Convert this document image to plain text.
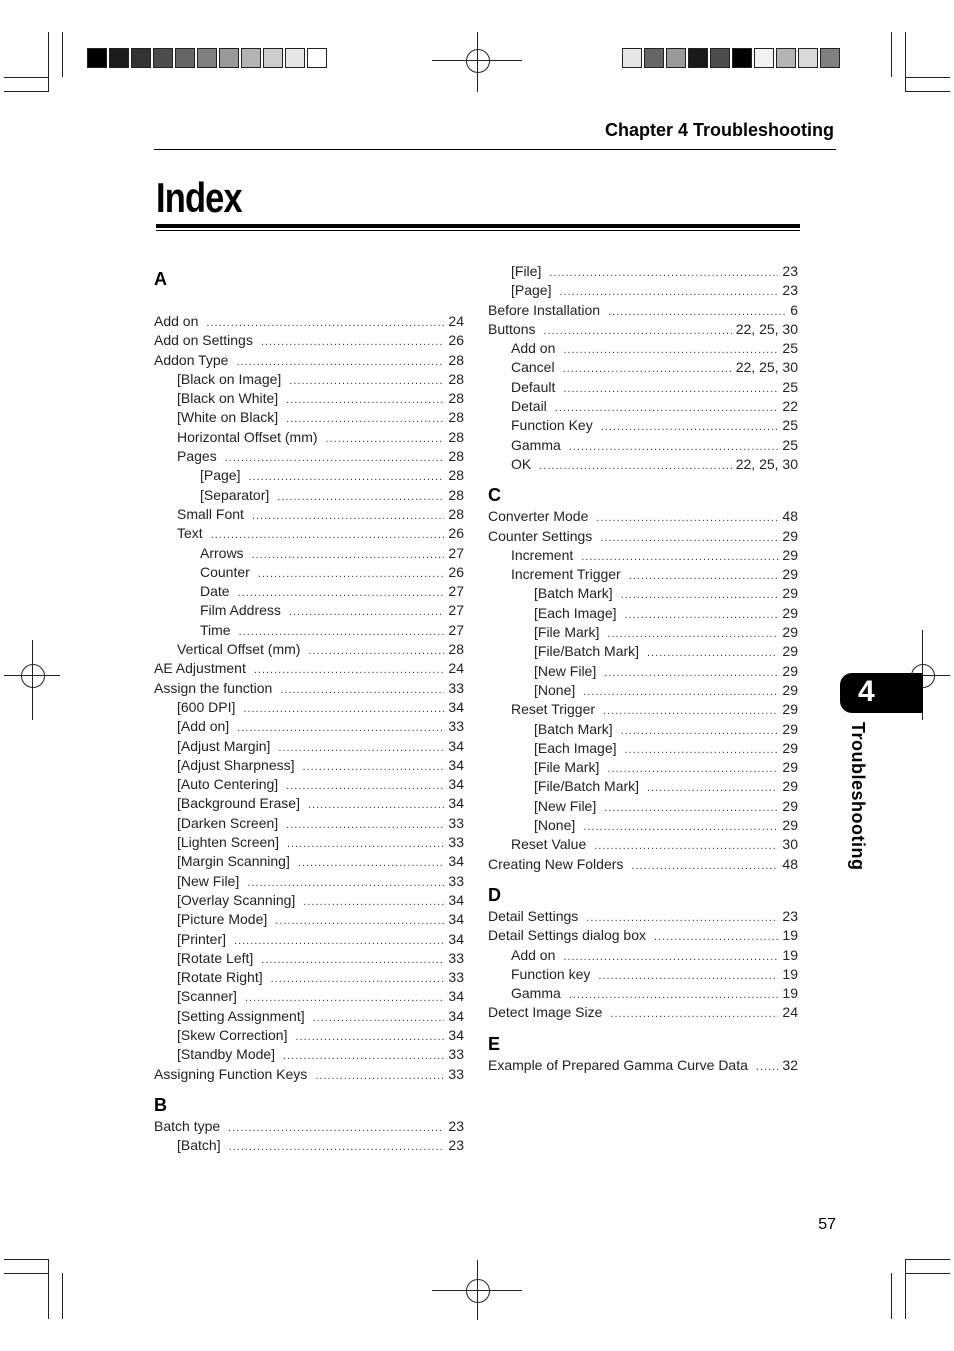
Chapter 4 Troubleshooting
Index
A
Add on .....	24
Add on Settings .....	26
Addon Type .....	28
[Black on Image] .....	28
[Black on White] .....	28
[White on Black] .....	28
Horizontal Offset (mm) .....	28
Pages .....	28
[Page] .....	28
[Separator] .....	28
Small Font .....	28
Text .....	26
Arrows .....	27
Counter .....	26
Date .....	27
Film Address .....	27
Time .....	27
Vertical Offset (mm) .....	28
AE Adjustment .....	24
Assign the function .....	33
[600 DPI] .....	34
[Add on] .....	33
[Adjust Margin] .....	34
[Adjust Sharpness] .....	34
[Auto Centering] .....	34
[Background Erase] .....	34
[Darken Screen] .....	33
[Lighten Screen] .....	33
[Margin Scanning] .....	34
[New File] .....	33
[Overlay Scanning] .....	34
[Picture Mode] .....	34
[Printer] .....	34
[Rotate Left] .....	33
[Rotate Right] .....	33
[Scanner] .....	34
[Setting Assignment] .....	34
[Skew Correction] .....	34
[Standby Mode] .....	33
Assigning Function Keys .....	33
B
Batch type .....	23
[Batch] .....	23
[File] .....	23
[Page] .....	23
Before Installation .....	6
Buttons .....	22, 25, 30
Add on .....	25
Cancel .....	22, 25, 30
Default .....	25
Detail .....	22
Function Key .....	25
Gamma .....	25
OK .....	22, 25, 30
C
Converter Mode .....	48
Counter Settings .....	29
Increment .....	29
Increment Trigger .....	29
[Batch Mark] .....	29
[Each Image] .....	29
[File Mark] .....	29
[File/Batch Mark] .....	29
[New File] .....	29
[None] .....	29
Reset Trigger .....	29
[Batch Mark] .....	29
[Each Image] .....	29
[File Mark] .....	29
[File/Batch Mark] .....	29
[New File] .....	29
[None] .....	29
Reset Value .....	30
Creating New Folders .....	48
D
Detail Settings .....	23
Detail Settings dialog box .....	19
Add on .....	19
Function key .....	19
Gamma .....	19
Detect Image Size .....	24
E
Example of Prepared Gamma Curve Data ..... 32
4
Troubleshooting
57
